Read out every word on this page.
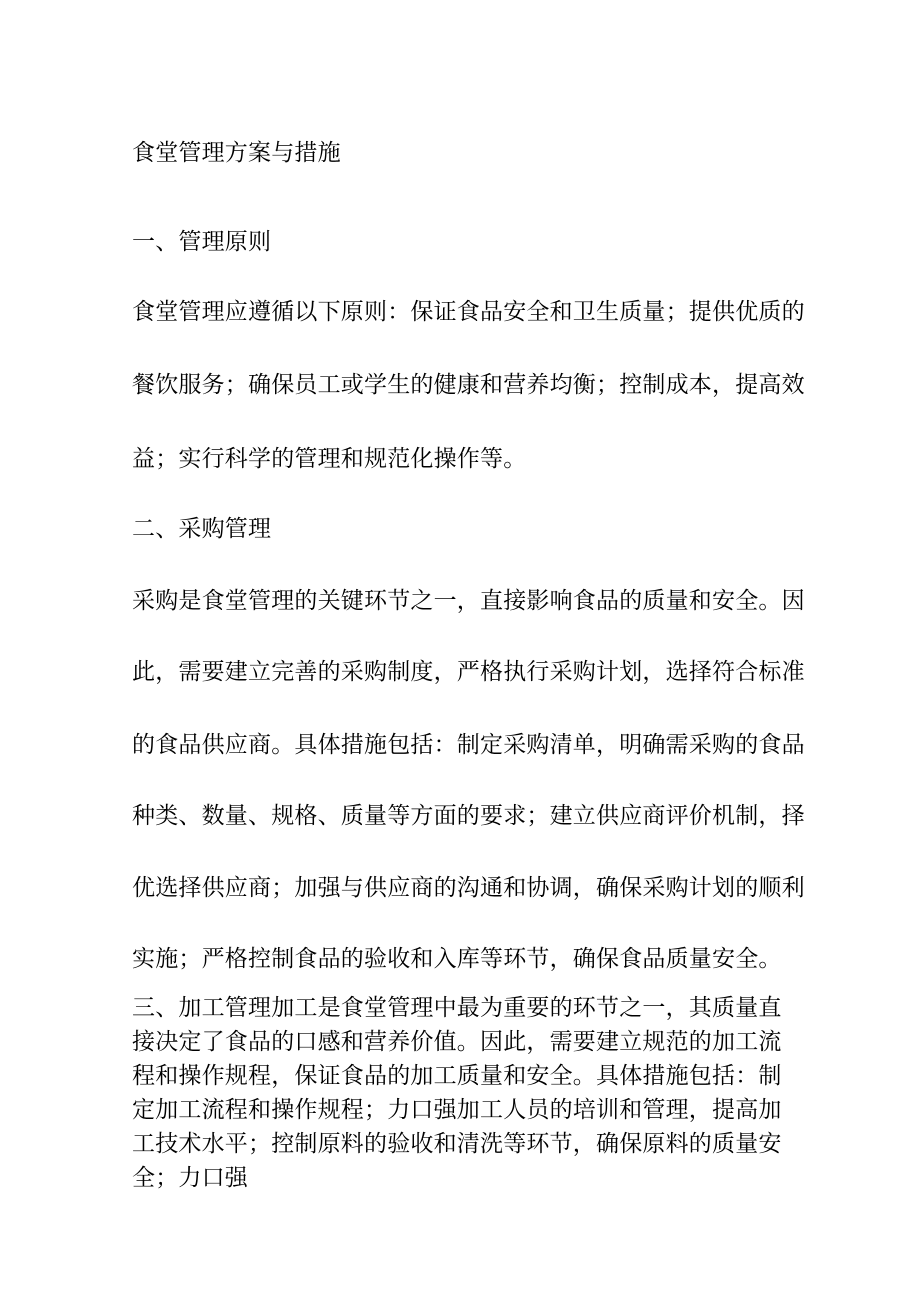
食堂管理方案与措施
一、管理原则
食堂管理应遵循以下原则：保证食品安全和卫生质量；提供优质的
餐饮服务；确保员工或学生的健康和营养均衡；控制成本，提高效
益；实行科学的管理和规范化操作等。
二、采购管理
采购是食堂管理的关键环节之一，直接影响食品的质量和安全。因
此，需要建立完善的采购制度，严格执行采购计划，选择符合标准
的食品供应商。具体措施包括：制定采购清单，明确需采购的食品
种类、数量、规格、质量等方面的要求；建立供应商评价机制，择
优选择供应商；加强与供应商的沟通和协调，确保采购计划的顺利
实施；严格控制食品的验收和入库等环节，确保食品质量安全。
三、加工管理加工是食堂管理中最为重要的环节之一，其质量直接决定了食品的口感和营养价值。因此，需要建立规范的加工流程和操作规程，保证食品的加工质量和安全。具体措施包括：制定加工流程和操作规程；力口强加工人员的培训和管理，提高加工技术水平；控制原料的验收和清洗等环节，确保原料的质量安全；力口强
